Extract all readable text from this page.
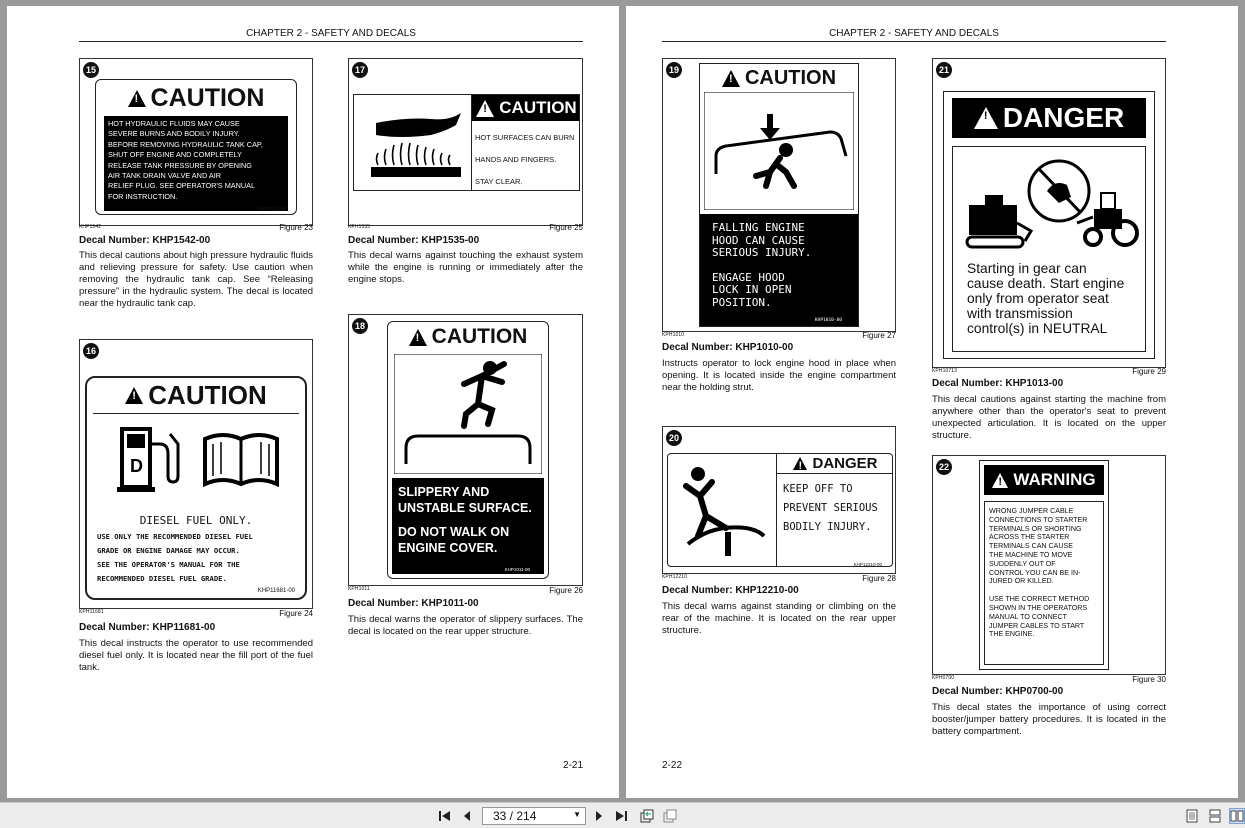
CHAPTER 2 - SAFETY AND DECALS
15
!
CAUTION
HOT HYDRAULIC FLUIDS MAY CAUSE
SEVERE BURNS AND BODILY INJURY.
BEFORE REMOVING HYDRAULIC TANK CAP,
SHUT OFF ENGINE AND COMPLETELY
RELEASE TANK PRESSURE BY OPENING
AIR TANK DRAIN VALVE AND AIR
RELIEF PLUG. SEE OPERATOR'S MANUAL
FOR INSTRUCTION.
KHP1542-00
KHP1542	Figure 23
Decal Number: KHP1542-00
This decal cautions about high pressure hydraulic fluids and relieving pressure for safety. Use caution when removing the hydraulic tank cap. See “Releasing pressure” in the hydraulic system. The decal is located near the hydraulic tank cap.
16
!
CAUTION
D
DIESEL FUEL ONLY.
USE ONLY THE RECOMMENDED DIESEL FUEL
GRADE OR ENGINE DAMAGE MAY OCCUR.
SEE THE OPERATOR'S MANUAL FOR THE
RECOMMENDED DIESEL FUEL GRADE.
KHP11681-00
KPH11681	Figure 24
Decal Number: KHP11681-00
This decal instructs the operator to use recommended diesel fuel only. It is located near the fill port of the fuel tank.
17
!
CAUTION
HOT SURFACES CAN BURN
HANDS AND FINGERS.
STAY CLEAR.
KPH1535	Figure 25
Decal Number: KHP1535-00
This decal warns against touching the exhaust system while the engine is running or immediately after the engine stops.
18 !	CAUTION
SLIPPERY AND
UNSTABLE SURFACE.
DO NOT WALK ON
ENGINE COVER.
KHP1011-00
KPH1011	Figure 26
Decal Number: KHP1011-00
This decal warns the operator of slippery surfaces. The decal is located on the rear upper structure.
2-21
CHAPTER 2 - SAFETY AND DECALS
19 !	CAUTION
FALLING ENGINE
HOOD CAN CAUSE
SERIOUS INJURY.
ENGAGE HOOD
LOCK IN OPEN
POSITION.
KHP1010-00
KPH1010	Figure 27
Decal Number: KHP1010-00
Instructs operator to lock engine hood in place when opening. It is located inside the engine compartment near the holding strut.
20
!
DANGER
KEEP OFF TO
PREVENT SERIOUS
BODILY INJURY.
KHP12210-00
KPH12210	Figure 28
Decal Number: KHP12210-00
This decal warns against standing or climbing on the rear of the machine. It is located on the rear upper structure.
21
!
DANGER
Starting in gear can
cause death. Start engine
only from operator seat
with transmission
control(s) in NEUTRAL
KPH10713	Figure 29
Decal Number: KHP1013-00
This decal cautions against starting the machine from anywhere other than the operator's seat to prevent unexpected articulation. It is located on the upper structure.
22
!
WARNING
WRONG JUMPER CABLE
CONNECTIONS TO STARTER
TERMINALS OR SHORTING
ACROSS THE STARTER
TERMINALS CAN CAUSE
THE MACHINE TO MOVE
SUDDENLY OUT OF
CONTROL YOU CAN BE IN-
JURED OR KILLED.
USE THE CORRECT METHOD
SHOWN IN THE OPERATORS
MANUAL TO CONNECT
JUMPER CABLES TO START
THE ENGINE.
KPH0700	Figure 30
Decal Number: KHP0700-00
This decal states the importance of using correct booster/jumper battery procedures. It is located in the battery compartment.
2-22
33 / 214	▼
